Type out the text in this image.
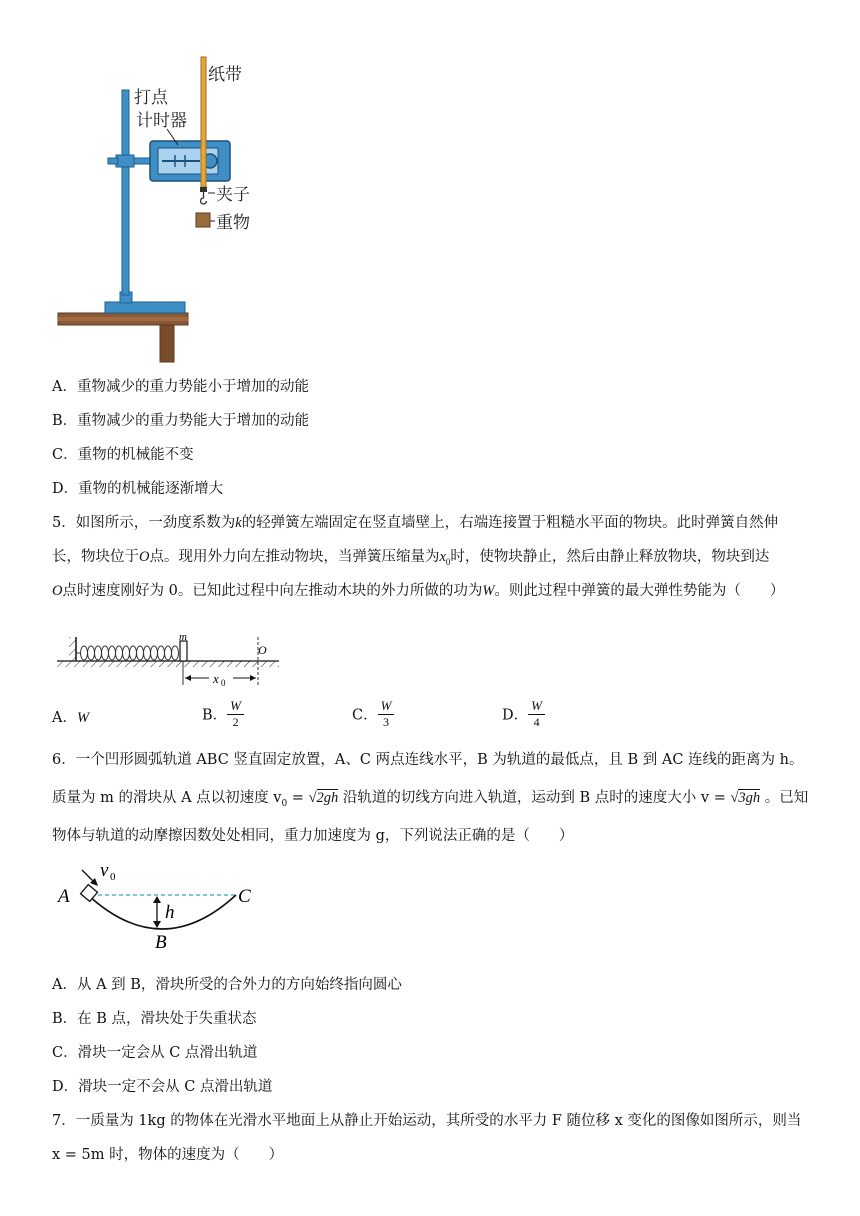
纸带
打点
计时器
夹子
重物
A．重物减少的重力势能小于增加的动能
B．重物减少的重力势能大于增加的动能
C．重物的机械能不变
D．重物的机械能逐渐增大
5．如图所示，一劲度系数为k的轻弹簧左端固定在竖直墙壁上，右端连接置于粗糙水平面的物块。此时弹簧自然伸
长，物块位于O点。现用外力向左推动物块，当弹簧压缩量为$x_0$时，使物块静止，然后由静止释放物块，物块到达
O点时速度刚好为 0。已知此过程中向左推动木块的外力所做的功为W。则此过程中弹簧的最大弹性势能为（　　）
m
O
x 0
A．W	B． $\frac{W}{2}$	C． $\frac{W}{3}$	D． $\frac{W}{4}$
6．一个凹形圆弧轨道 ABC 竖直固定放置，A、C 两点连线水平，B 为轨道的最低点，且 B 到 AC 连线的距离为 h。
质量为 m 的滑块从 A 点以初速度 $v_0 = √2gh$ 沿轨道的切线方向进入轨道，运动到 B 点时的速度大小 v = √3gh 。已知
物体与轨道的动摩擦因数处处相同，重力加速度为 g，下列说法正确的是（　　）
A	C
B
h
v 0
A．从 A 到 B，滑块所受的合外力的方向始终指向圆心
B．在 B 点，滑块处于失重状态
C．滑块一定会从 C 点滑出轨道
D．滑块一定不会从 C 点滑出轨道
7．一质量为 1kg 的物体在光滑水平地面上从静止开始运动，其所受的水平力 F 随位移 x 变化的图像如图所示，则当
x = 5m 时，物体的速度为（　　）
